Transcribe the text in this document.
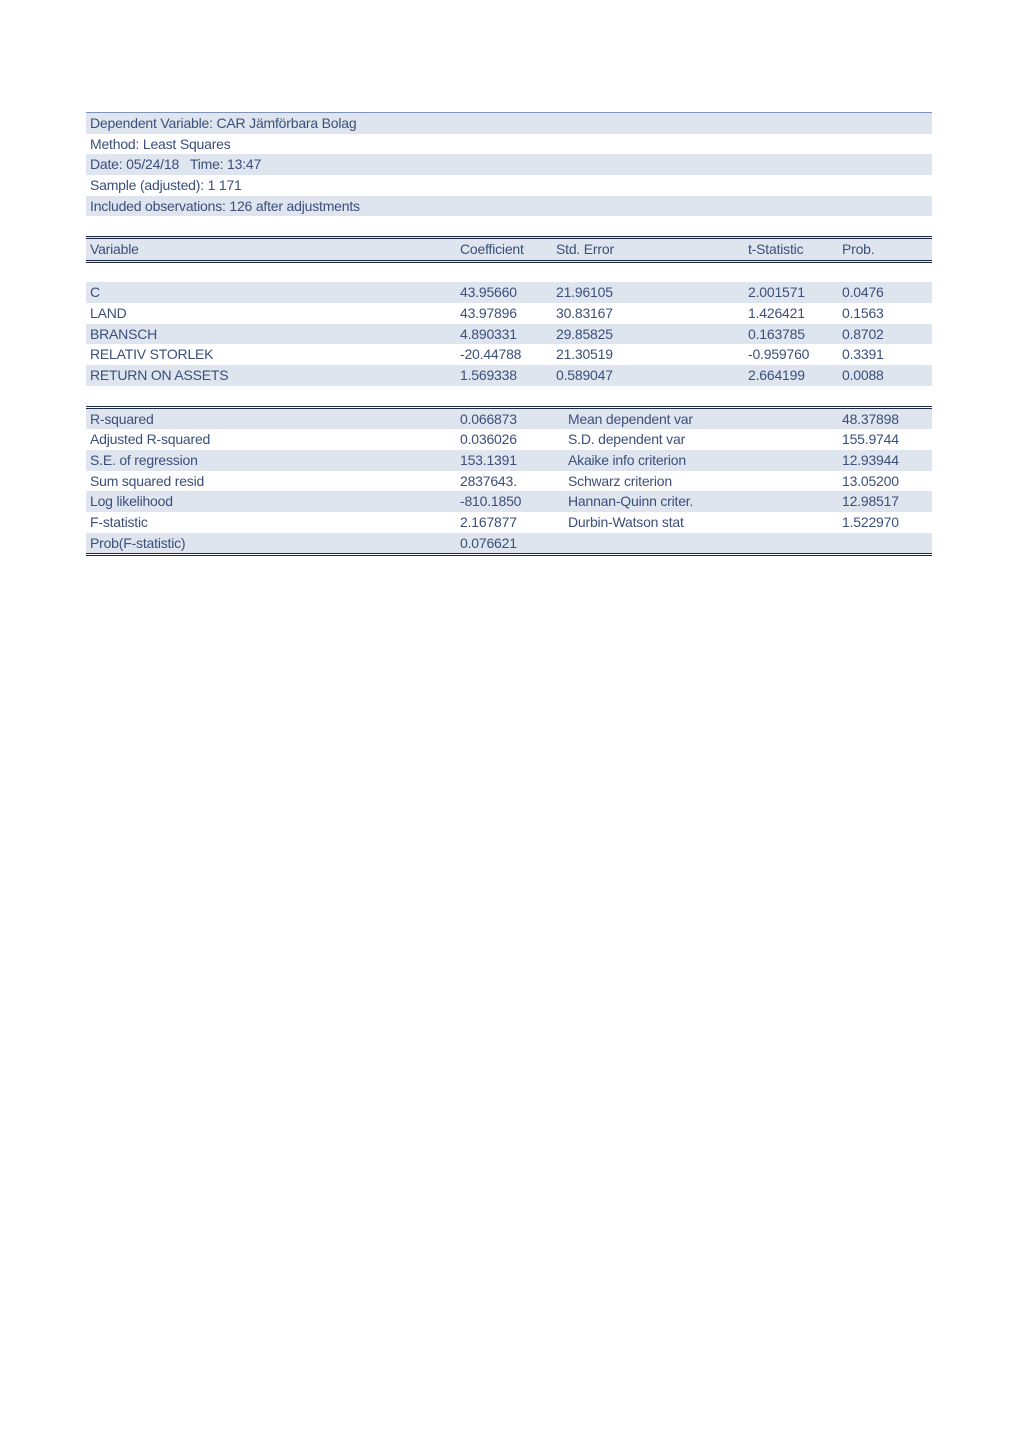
Dependent Variable: CAR Jämförbara Bolag
Method: Least Squares
Date: 05/24/18   Time: 13:47
Sample (adjusted): 1 171
Included observations: 126 after adjustments
Variable	Coefficient Std. Error	t-Statistic	Prob.
C	43.95660	21.96105	2.001571	0.0476
LAND	43.97896	30.83167	1.426421	0.1563
BRANSCH	4.890331	29.85825	0.163785	0.8702
RELATIV STORLEK	-20.44788 21.30519	-0.959760 0.3391
RETURN ON ASSETS	1.569338	0.589047	2.664199	0.0088
R-squared	0.066873	Mean dependent var	48.37898
Adjusted R-squared	0.036026	S.D. dependent var	155.9744
S.E. of regression	153.1391	Akaike info criterion	12.93944
Sum squared resid	2837643.	Schwarz criterion	13.05200
Log likelihood	-810.1850	Hannan-Quinn criter.	12.98517
F-statistic	2.167877	Durbin-Watson stat	1.522970
Prob(F-statistic)	0.076621
